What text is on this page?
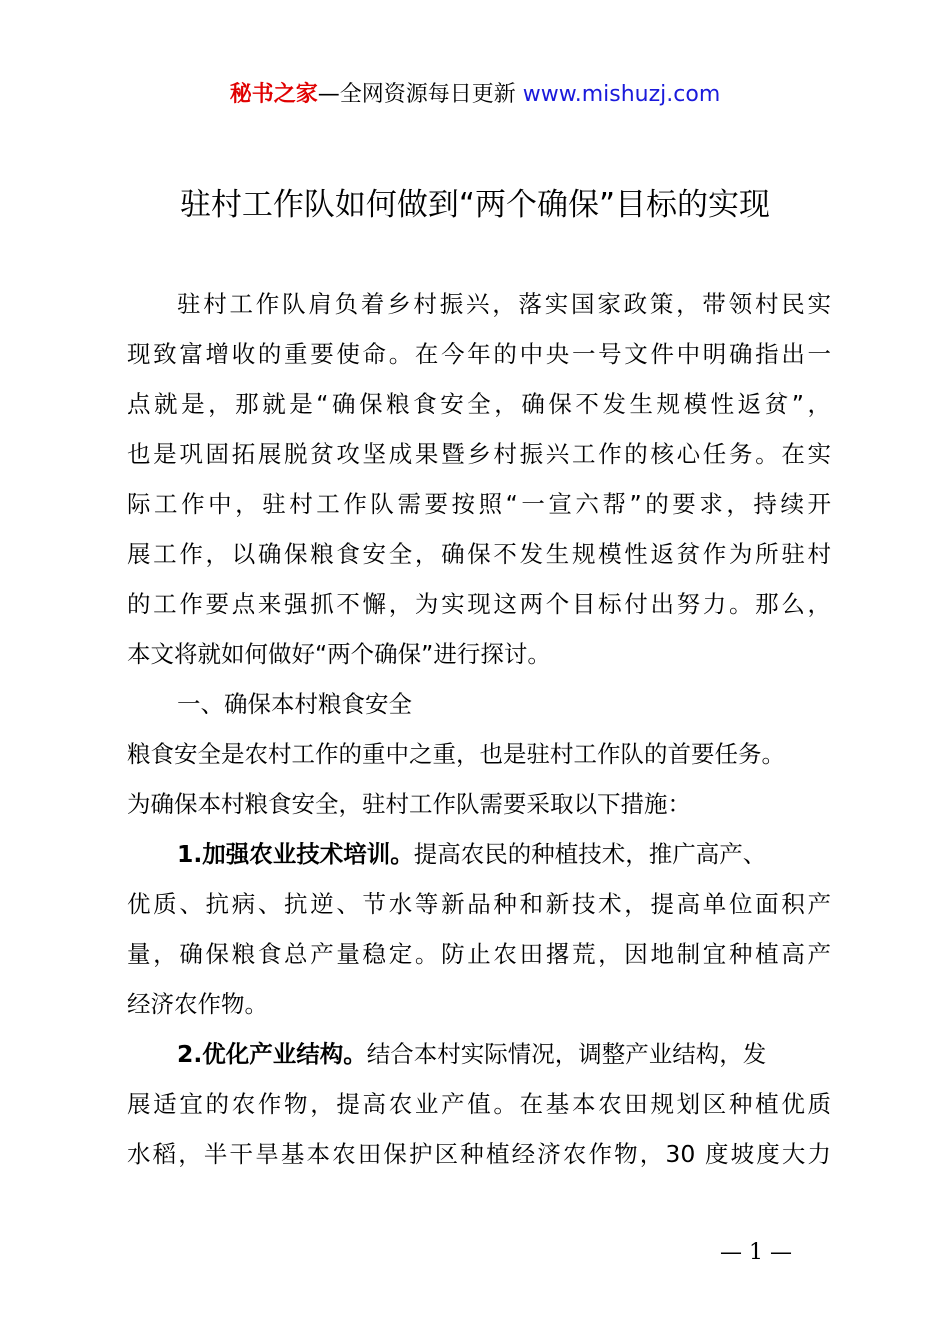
秘书之家—全网资源每日更新 www.mishuzj.com
驻村工作队如何做到“两个确保”目标的实现
驻村工作队肩负着乡村振兴，落实国家政策，带领村民实
现致富增收的重要使命。在今年的中央一号文件中明确指出一
点就是，那就是“确保粮食安全，确保不发生规模性返贫”，
也是巩固拓展脱贫攻坚成果暨乡村振兴工作的核心任务。在实
际工作中，驻村工作队需要按照“一宣六帮”的要求，持续开
展工作，以确保粮食安全，确保不发生规模性返贫作为所驻村
的工作要点来强抓不懈，为实现这两个目标付出努力。那么，
本文将就如何做好“两个确保”进行探讨。
一、确保本村粮食安全
粮食安全是农村工作的重中之重，也是驻村工作队的首要任务。
为确保本村粮食安全，驻村工作队需要采取以下措施：
1.加强农业技术培训。提高农民的种植技术，推广高产、
优质、抗病、抗逆、节水等新品种和新技术，提高单位面积产
量，确保粮食总产量稳定。防止农田撂荒，因地制宜种植高产
经济农作物。
2.优化产业结构。结合本村实际情况，调整产业结构，发
展适宜的农作物，提高农业产值。在基本农田规划区种植优质
水稻，半干旱基本农田保护区种植经济农作物，30 度坡度大力
— 1 —
